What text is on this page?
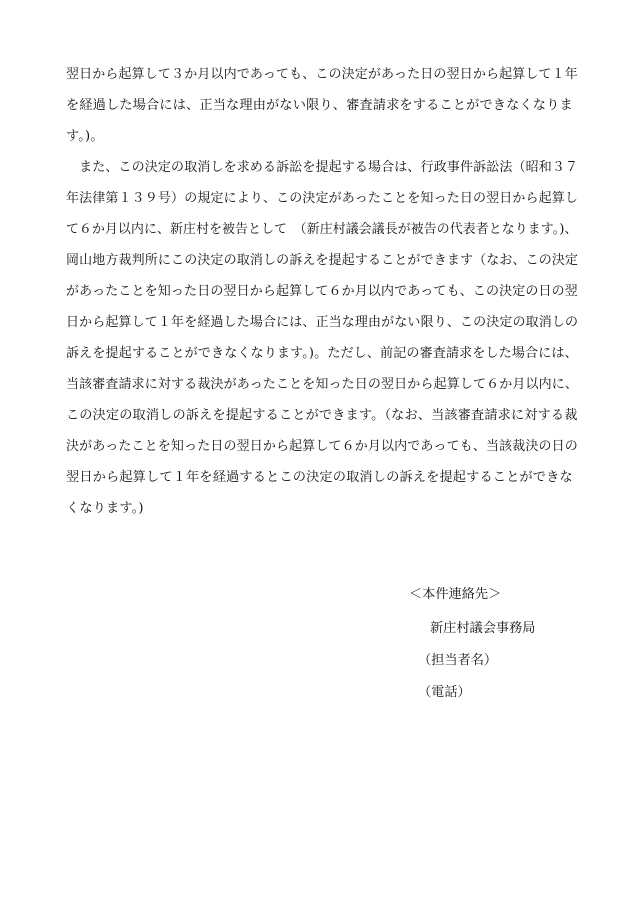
翌日から起算して３か月以内であっても、この決定があった日の翌日から起算して１年
を経過した場合には、正当な理由がない限り、審査請求をすることができなくなりま
す。)。
　また、この決定の取消しを求める訴訟を提起する場合は、行政事件訴訟法（昭和３７
年法律第１３９号）の規定により、この決定があったことを知った日の翌日から起算し
て６か月以内に、新庄村を被告として　（新庄村議会議長が被告の代表者となります。)、
岡山地方裁判所にこの決定の取消しの訴えを提起することができます（なお、この決定
があったことを知った日の翌日から起算して６か月以内であっても、この決定の日の翌
日から起算して１年を経過した場合には、正当な理由がない限り、この決定の取消しの
訴えを提起することができなくなります。)。ただし、前記の審査請求をした場合には、
当該審査請求に対する裁決があったことを知った日の翌日から起算して６か月以内に、
この決定の取消しの訴えを提起することができます。（なお、当該審査請求に対する裁
決があったことを知った日の翌日から起算して６か月以内であっても、当該裁決の日の
翌日から起算して１年を経過するとこの決定の取消しの訴えを提起することができな
くなります。)
＜本件連絡先＞
新庄村議会事務局
（担当者名）
（電話）
